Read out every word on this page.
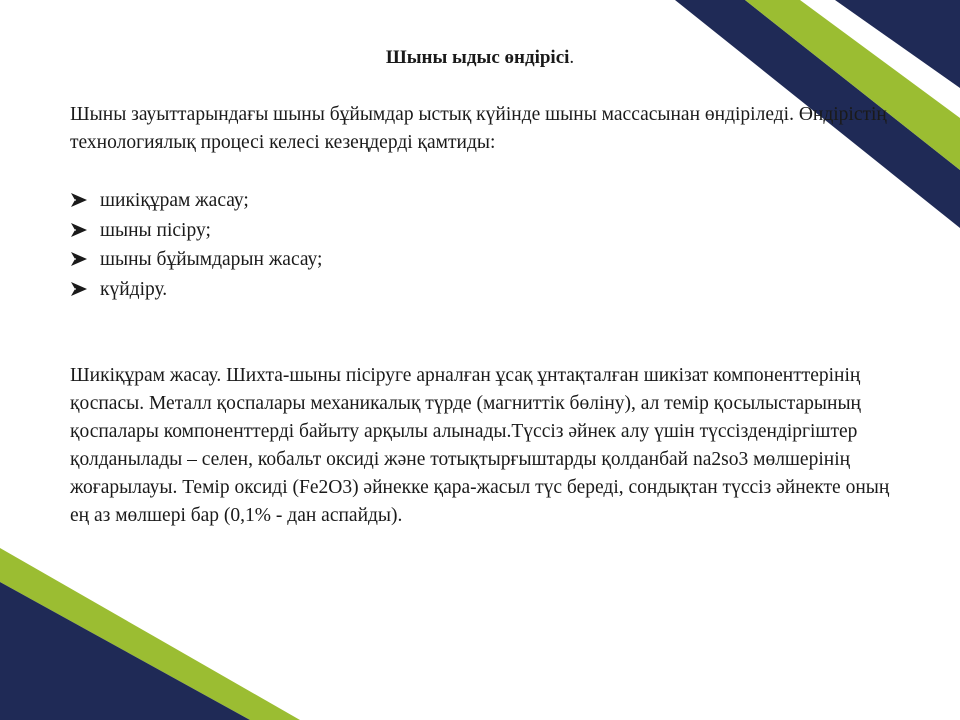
Шыны ыдыс өндірісі.

Шыны зауыттарындағы шыны бұйымдар ыстық күйінде шыны массасынан өндіріледі. Өндірістің технологиялық процесі келесі кезеңдерді қамтиды:

шикіқұрам жасау;
шыны пісіру;
шыны бұйымдарын жасау;
күйдіру.

Шикіқұрам жасау. Шихта-шыны пісіруге арналған ұсақ ұнтақталған шикізат компоненттерінің қоспасы. Металл қоспалары механикалық түрде (магниттік бөліну), ал темір қосылыстарының қоспалары компоненттерді байыту арқылы алынады.Түссіз әйнек алу үшін түссіздендіргіштер қолданылады – селен, кобальт оксиді және тотықтырғыштарды қолданбай na2so3 мөлшерінің жоғарылауы. Темір оксиді (Fe2O3) әйнекке қара-жасыл түс береді, сондықтан түссіз әйнекте оның ең аз мөлшері бар (0,1% - дан аспайды).
